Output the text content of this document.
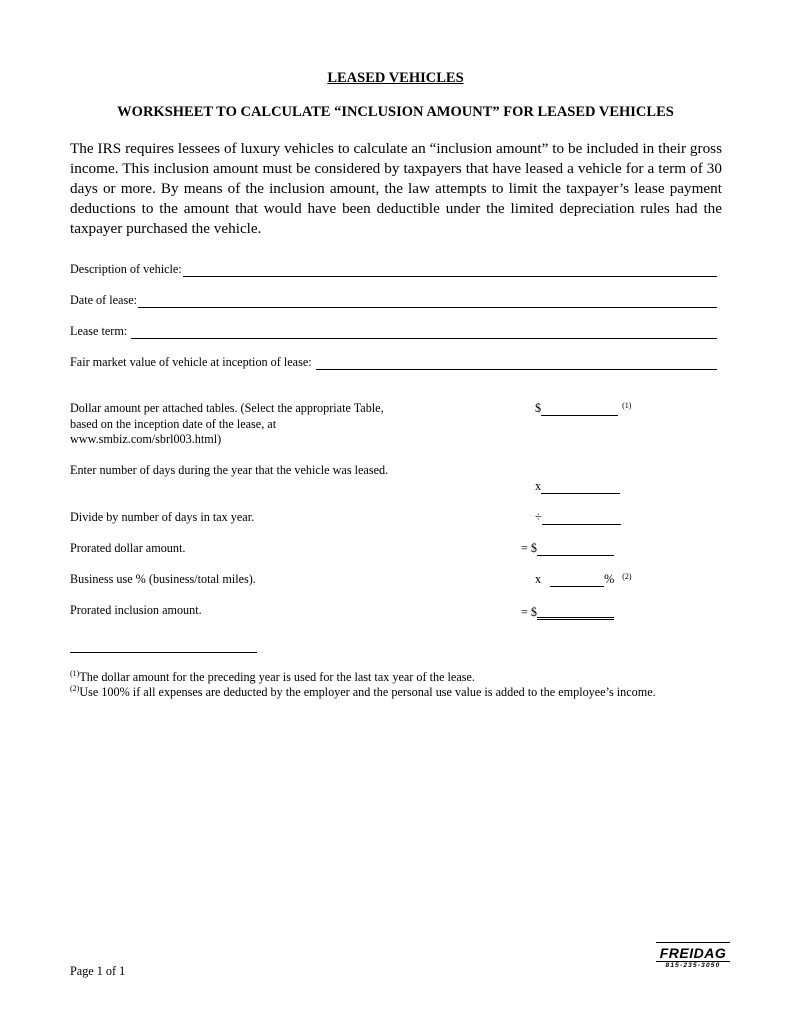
LEASED VEHICLES
WORKSHEET TO CALCULATE “INCLUSION AMOUNT” FOR LEASED VEHICLES
The IRS requires lessees of luxury vehicles to calculate an “inclusion amount” to be included in their gross income. This inclusion amount must be considered by taxpayers that have leased a vehicle for a term of 30 days or more. By means of the inclusion amount, the law attempts to limit the taxpayer’s lease payment deductions to the amount that would have been deductible under the limited depreciation rules had the taxpayer purchased the vehicle.
Description of vehicle:
Date of lease:
Lease term:
Fair market value of vehicle at inception of lease:
Dollar amount per attached tables. (Select the appropriate Table, based on the inception date of the lease, at www.smbiz.com/sbrl003.html)
$	(1)
Enter number of days during the year that the vehicle was leased.
x
Divide by number of days in tax year.	÷
Prorated dollar amount.	= $
Business use % (business/total miles).	x	% (2)
Prorated inclusion amount.	= $
$^{(1)}$The dollar amount for the preceding year is used for the last tax year of the lease.
$^{(2)}$Use 100% if all expenses are deducted by the employer and the personal use value is added to the employee’s income.
Page 1 of 1
FREIDAG
815-235-3050
